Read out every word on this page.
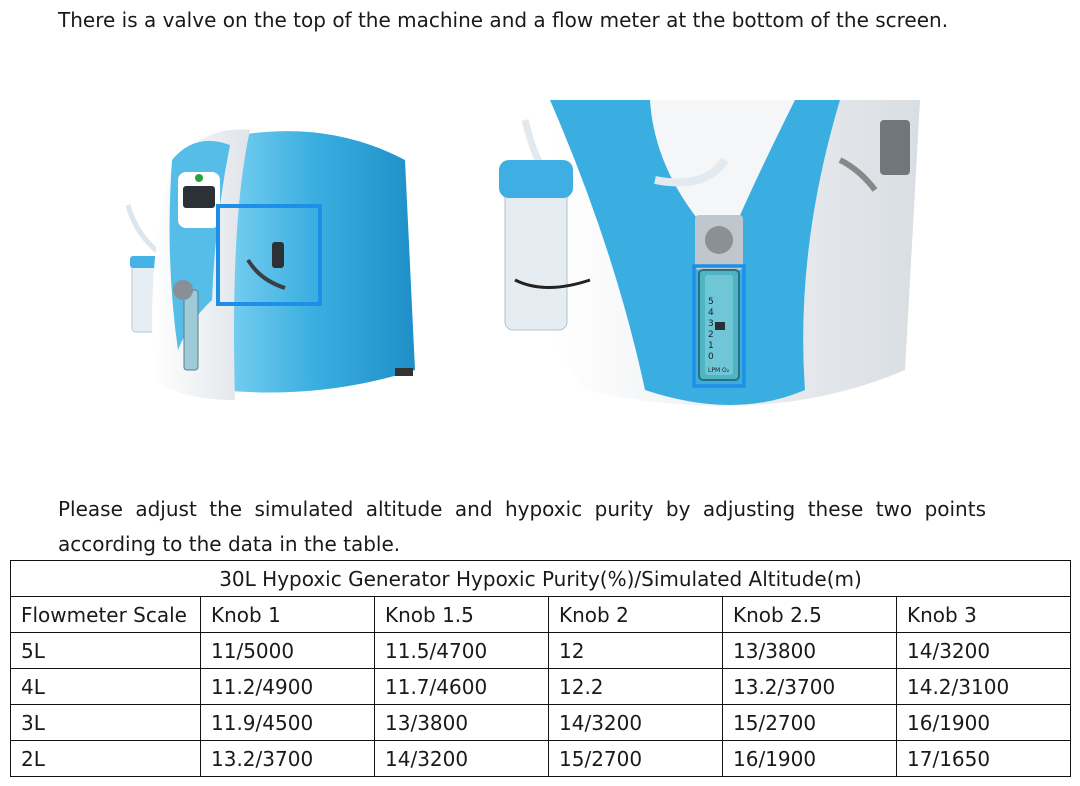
There is a valve on the top of the machine and a flow meter at the bottom of the screen.
5
4
3
2
1
0
LPM O₂
Please adjust the simulated altitude and hypoxic purity by adjusting these two points according to the data in the table.
30L Hypoxic Generator Hypoxic Purity(%)/Simulated Altitude(m)					
Flowmeter Scale	Knob 1	Knob 1.5	Knob 2	Knob 2.5	Knob 3
5L	11/5000	11.5/4700	12	13/3800	14/3200
4L	11.2/4900	11.7/4600	12.2	13.2/3700	14.2/3100
3L	11.9/4500	13/3800	14/3200	15/2700	16/1900
2L	13.2/3700	14/3200	15/2700	16/1900	17/1650
